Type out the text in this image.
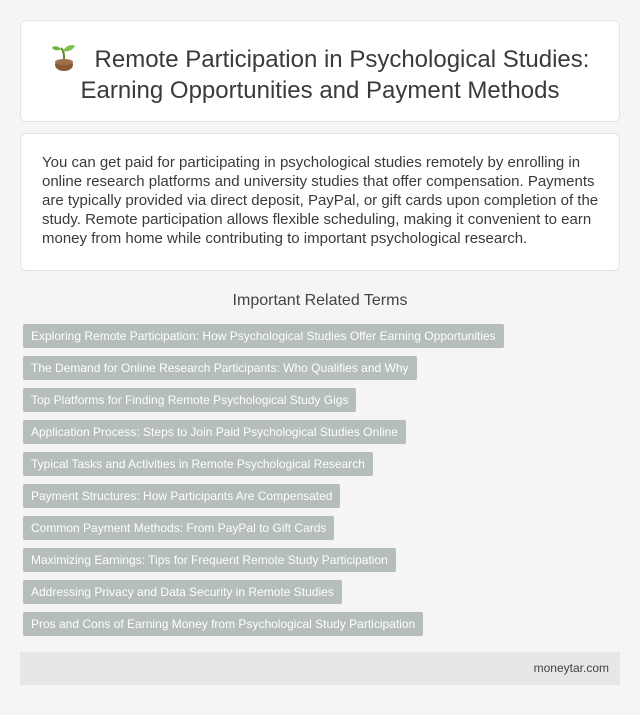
Remote Participation in Psychological Studies:
Earning Opportunities and Payment Methods

You can get paid for participating in psychological studies remotely by enrolling in online research platforms and university studies that offer compensation. Payments are typically provided via direct deposit, PayPal, or gift cards upon completion of the study. Remote participation allows flexible scheduling, making it convenient to earn money from home while contributing to important psychological research.

Important Related Terms
Exploring Remote Participation: How Psychological Studies Offer Earning Opportunities
The Demand for Online Research Participants: Who Qualifies and Why
Top Platforms for Finding Remote Psychological Study Gigs
Application Process: Steps to Join Paid Psychological Studies Online
Typical Tasks and Activities in Remote Psychological Research
Payment Structures: How Participants Are Compensated
Common Payment Methods: From PayPal to Gift Cards
Maximizing Earnings: Tips for Frequent Remote Study Participation
Addressing Privacy and Data Security in Remote Studies
Pros and Cons of Earning Money from Psychological Study Participation
moneytar.com
